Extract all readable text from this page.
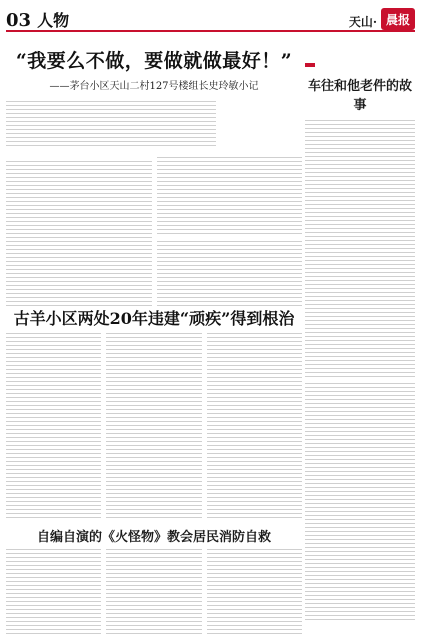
03 人物	天山· 晨报
“我要么不做，要做就做最好！”
——茅台小区天山二村127号楼组长史玲敏小记	车往和他老件的故事
古羊小区两处20年违建“顽疾”得到根治
自编自演的《火怪物》教会居民消防自救
